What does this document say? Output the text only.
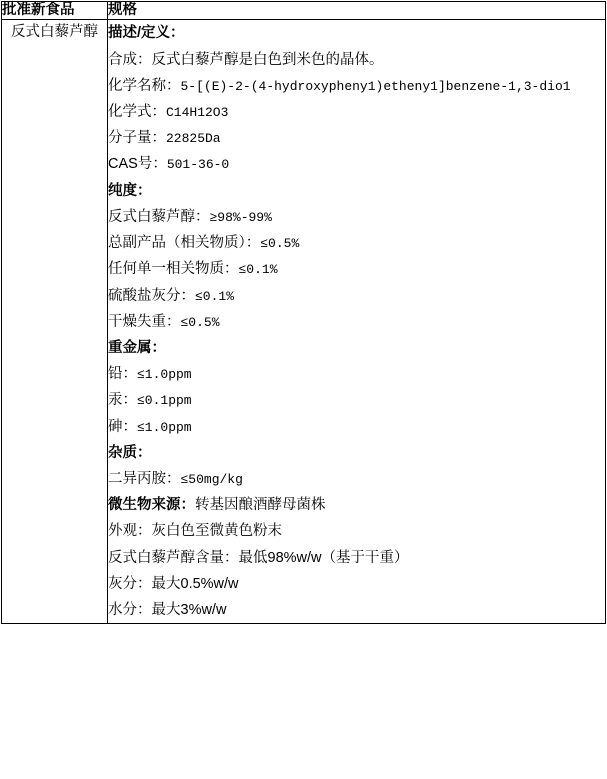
批准新食品	规格
反式白藜芦醇	描述/定义：
合成：反式白藜芦醇是白色到米色的晶体。
化学名称：5-[(E)-2-(4-hydroxypheny1)etheny1]benzene-1,3-dio1
化学式：C14H12O3
分子量：22825Da
CAS号：501-36-0
纯度：
反式白藜芦醇：≥98%-99%
总副产品（相关物质）：≤0.5%
任何单一相关物质：≤0.1%
硫酸盐灰分：≤0.1%
干燥失重：≤0.5%
重金属：
铅：≤1.0ppm
汞：≤0.1ppm
砷：≤1.0ppm
杂质：
二异丙胺：≤50mg/kg
微生物来源：转基因酿酒酵母菌株
外观：灰白色至微黄色粉末
反式白藜芦醇含量：最低98%w/w（基于干重）
灰分：最大0.5%w/w
水分：最大3%w/w
